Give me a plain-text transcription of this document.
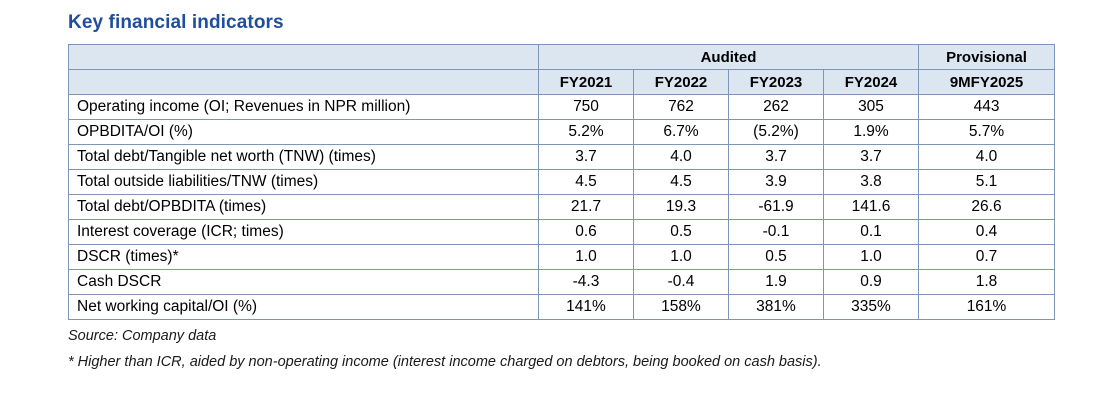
Key financial indicators
	Audited				Provisional
	FY2021	FY2022	FY2023	FY2024	9MFY2025
Operating income (OI; Revenues in NPR million)	750	762	262	305	443
OPBDITA/OI (%)	5.2%	6.7%	(5.2%)	1.9%	5.7%
Total debt/Tangible net worth (TNW) (times)	3.7	4.0	3.7	3.7	4.0
Total outside liabilities/TNW (times)	4.5	4.5	3.9	3.8	5.1
Total debt/OPBDITA (times)	21.7	19.3	-61.9	141.6	26.6
Interest coverage (ICR; times)	0.6	0.5	-0.1	0.1	0.4
DSCR (times)*	1.0	1.0	0.5	1.0	0.7
Cash DSCR	-4.3	-0.4	1.9	0.9	1.8
Net working capital/OI (%)	141%	158%	381%	335%	161%
Source: Company data
* Higher than ICR, aided by non-operating income (interest income charged on debtors, being booked on cash basis).
